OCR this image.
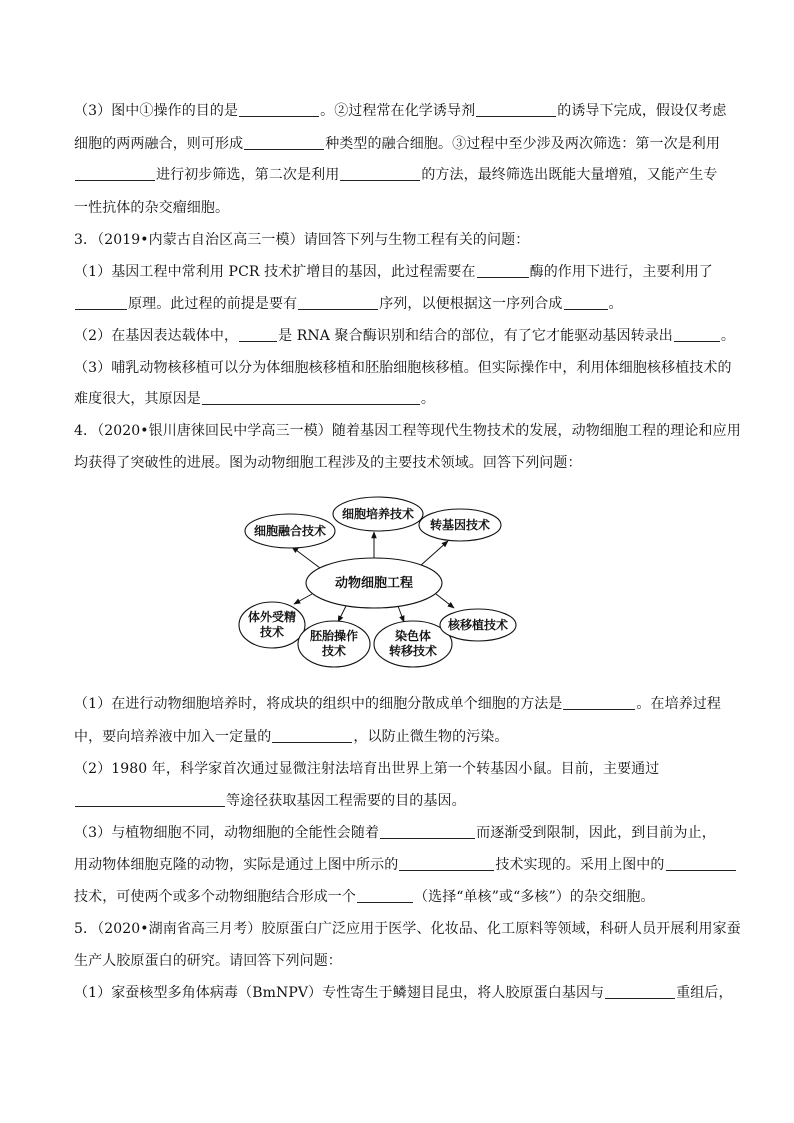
（3）图中①操作的目的是	。②过程常在化学诱导剂	的诱导下完成，假设仅考虑
细胞的两两融合，则可形成	种类型的融合细胞。③过程中至少涉及两次筛选：第一次是利用
进行初步筛选，第二次是利用	的方法，最终筛选出既能大量增殖，又能产生专
一性抗体的杂交瘤细胞。
3．（2019•内蒙古自治区高三一模）请回答下列与生物工程有关的问题：
（1）基因工程中常利用 PCR 技术扩增目的基因，此过程需要在	酶的作用下进行，主要利用了
原理。此过程的前提是要有	序列，以便根据这一序列合成	。
（2）在基因表达载体中，	是 RNA 聚合酶识别和结合的部位，有了它才能驱动基因转录出	。
（3）哺乳动物核移植可以分为体细胞核移植和胚胎细胞核移植。但实际操作中，利用体细胞核移植技术的
难度很大，其原因是	。
4．（2020•银川唐徕回民中学高三一模）随着基因工程等现代生物技术的发展，动物细胞工程的理论和应用
均获得了突破性的进展。图为动物细胞工程涉及的主要技术领域。回答下列问题：
动物细胞工程
细胞培养技术
细胞融合技术	转基因技术
体外受精
技术 胚胎操作
技术
染色体
转移技术
核移植技术
（1）在进行动物细胞培养时，将成块的组织中的细胞分散成单个细胞的方法是	。在培养过程
中，要向培养液中加入一定量的	，以防止微生物的污染。
（2）1980 年，科学家首次通过显微注射法培育出世界上第一个转基因小鼠。目前，主要通过
等途径获取基因工程需要的目的基因。
（3）与植物细胞不同，动物细胞的全能性会随着	而逐渐受到限制，因此，到目前为止，
用动物体细胞克隆的动物，实际是通过上图中所示的	技术实现的。采用上图中的
技术，可使两个或多个动物细胞结合形成一个	（选择“单核”或“多核”）的杂交细胞。
5．（2020•湖南省高三月考）胶原蛋白广泛应用于医学、化妆品、化工原料等领域，科研人员开展利用家蚕
生产人胶原蛋白的研究。请回答下列问题：
（1）家蚕核型多角体病毒（BmNPV）专性寄生于鳞翅目昆虫，将人胶原蛋白基因与	重组后，
